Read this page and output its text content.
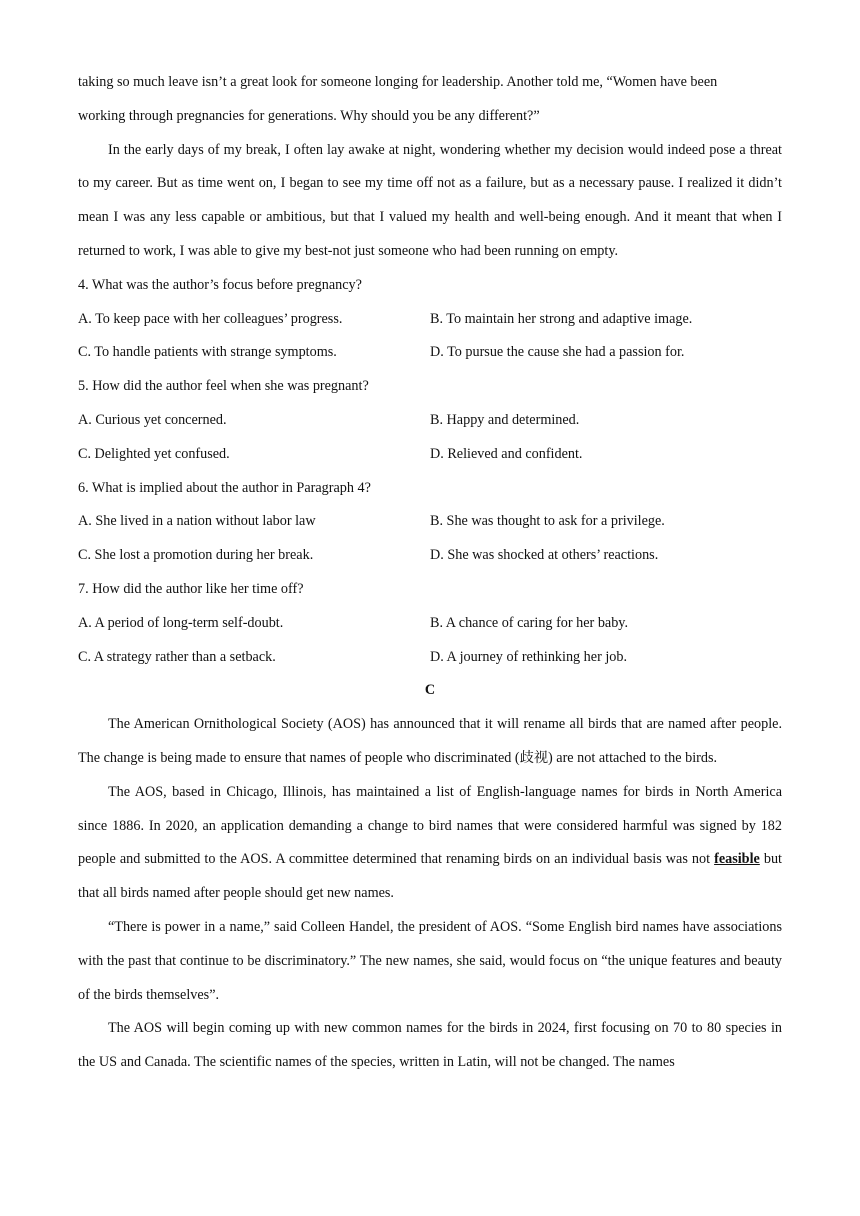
taking so much leave isn’t a great look for someone longing for leadership. Another told me, “Women have been

working through pregnancies for generations. Why should you be any different?”

In the early days of my break, I often lay awake at night, wondering whether my decision would indeed pose a threat to my career. But as time went on, I began to see my time off not as a failure, but as a necessary pause. I realized it didn’t mean I was any less capable or ambitious, but that I valued my health and well-being enough. And it meant that when I returned to work, I was able to give my best-not just someone who had been running on empty.

4. What was the author’s focus before pregnancy?

A. To keep pace with her colleagues’ progress.	B. To maintain her strong and adaptive image.
C. To handle patients with strange symptoms.	D. To pursue the cause she had a passion for.

5. How did the author feel when she was pregnant?

A. Curious yet concerned.	B. Happy and determined.
C. Delighted yet confused.	D. Relieved and confident.

6. What is implied about the author in Paragraph 4?

A. She lived in a nation without labor law	B. She was thought to ask for a privilege.
C. She lost a promotion during her break.	D. She was shocked at others’ reactions.

7. How did the author like her time off?

A. A period of long-term self-doubt.	B. A chance of caring for her baby.
C. A strategy rather than a setback.	D. A journey of rethinking her job.

C

The American Ornithological Society (AOS) has announced that it will rename all birds that are named after people. The change is being made to ensure that names of people who discriminated (歧视) are not attached to the birds.

The AOS, based in Chicago, Illinois, has maintained a list of English-language names for birds in North America since 1886. In 2020, an application demanding a change to bird names that were considered harmful was signed by 182 people and submitted to the AOS. A committee determined that renaming birds on an individual basis was not feasible but that all birds named after people should get new names.

“There is power in a name,” said Colleen Handel, the president of AOS. “Some English bird names have associations with the past that continue to be discriminatory.” The new names, she said, would focus on “the unique features and beauty of the birds themselves”.

The AOS will begin coming up with new common names for the birds in 2024, first focusing on 70 to 80 species in the US and Canada. The scientific names of the species, written in Latin, will not be changed. The names
